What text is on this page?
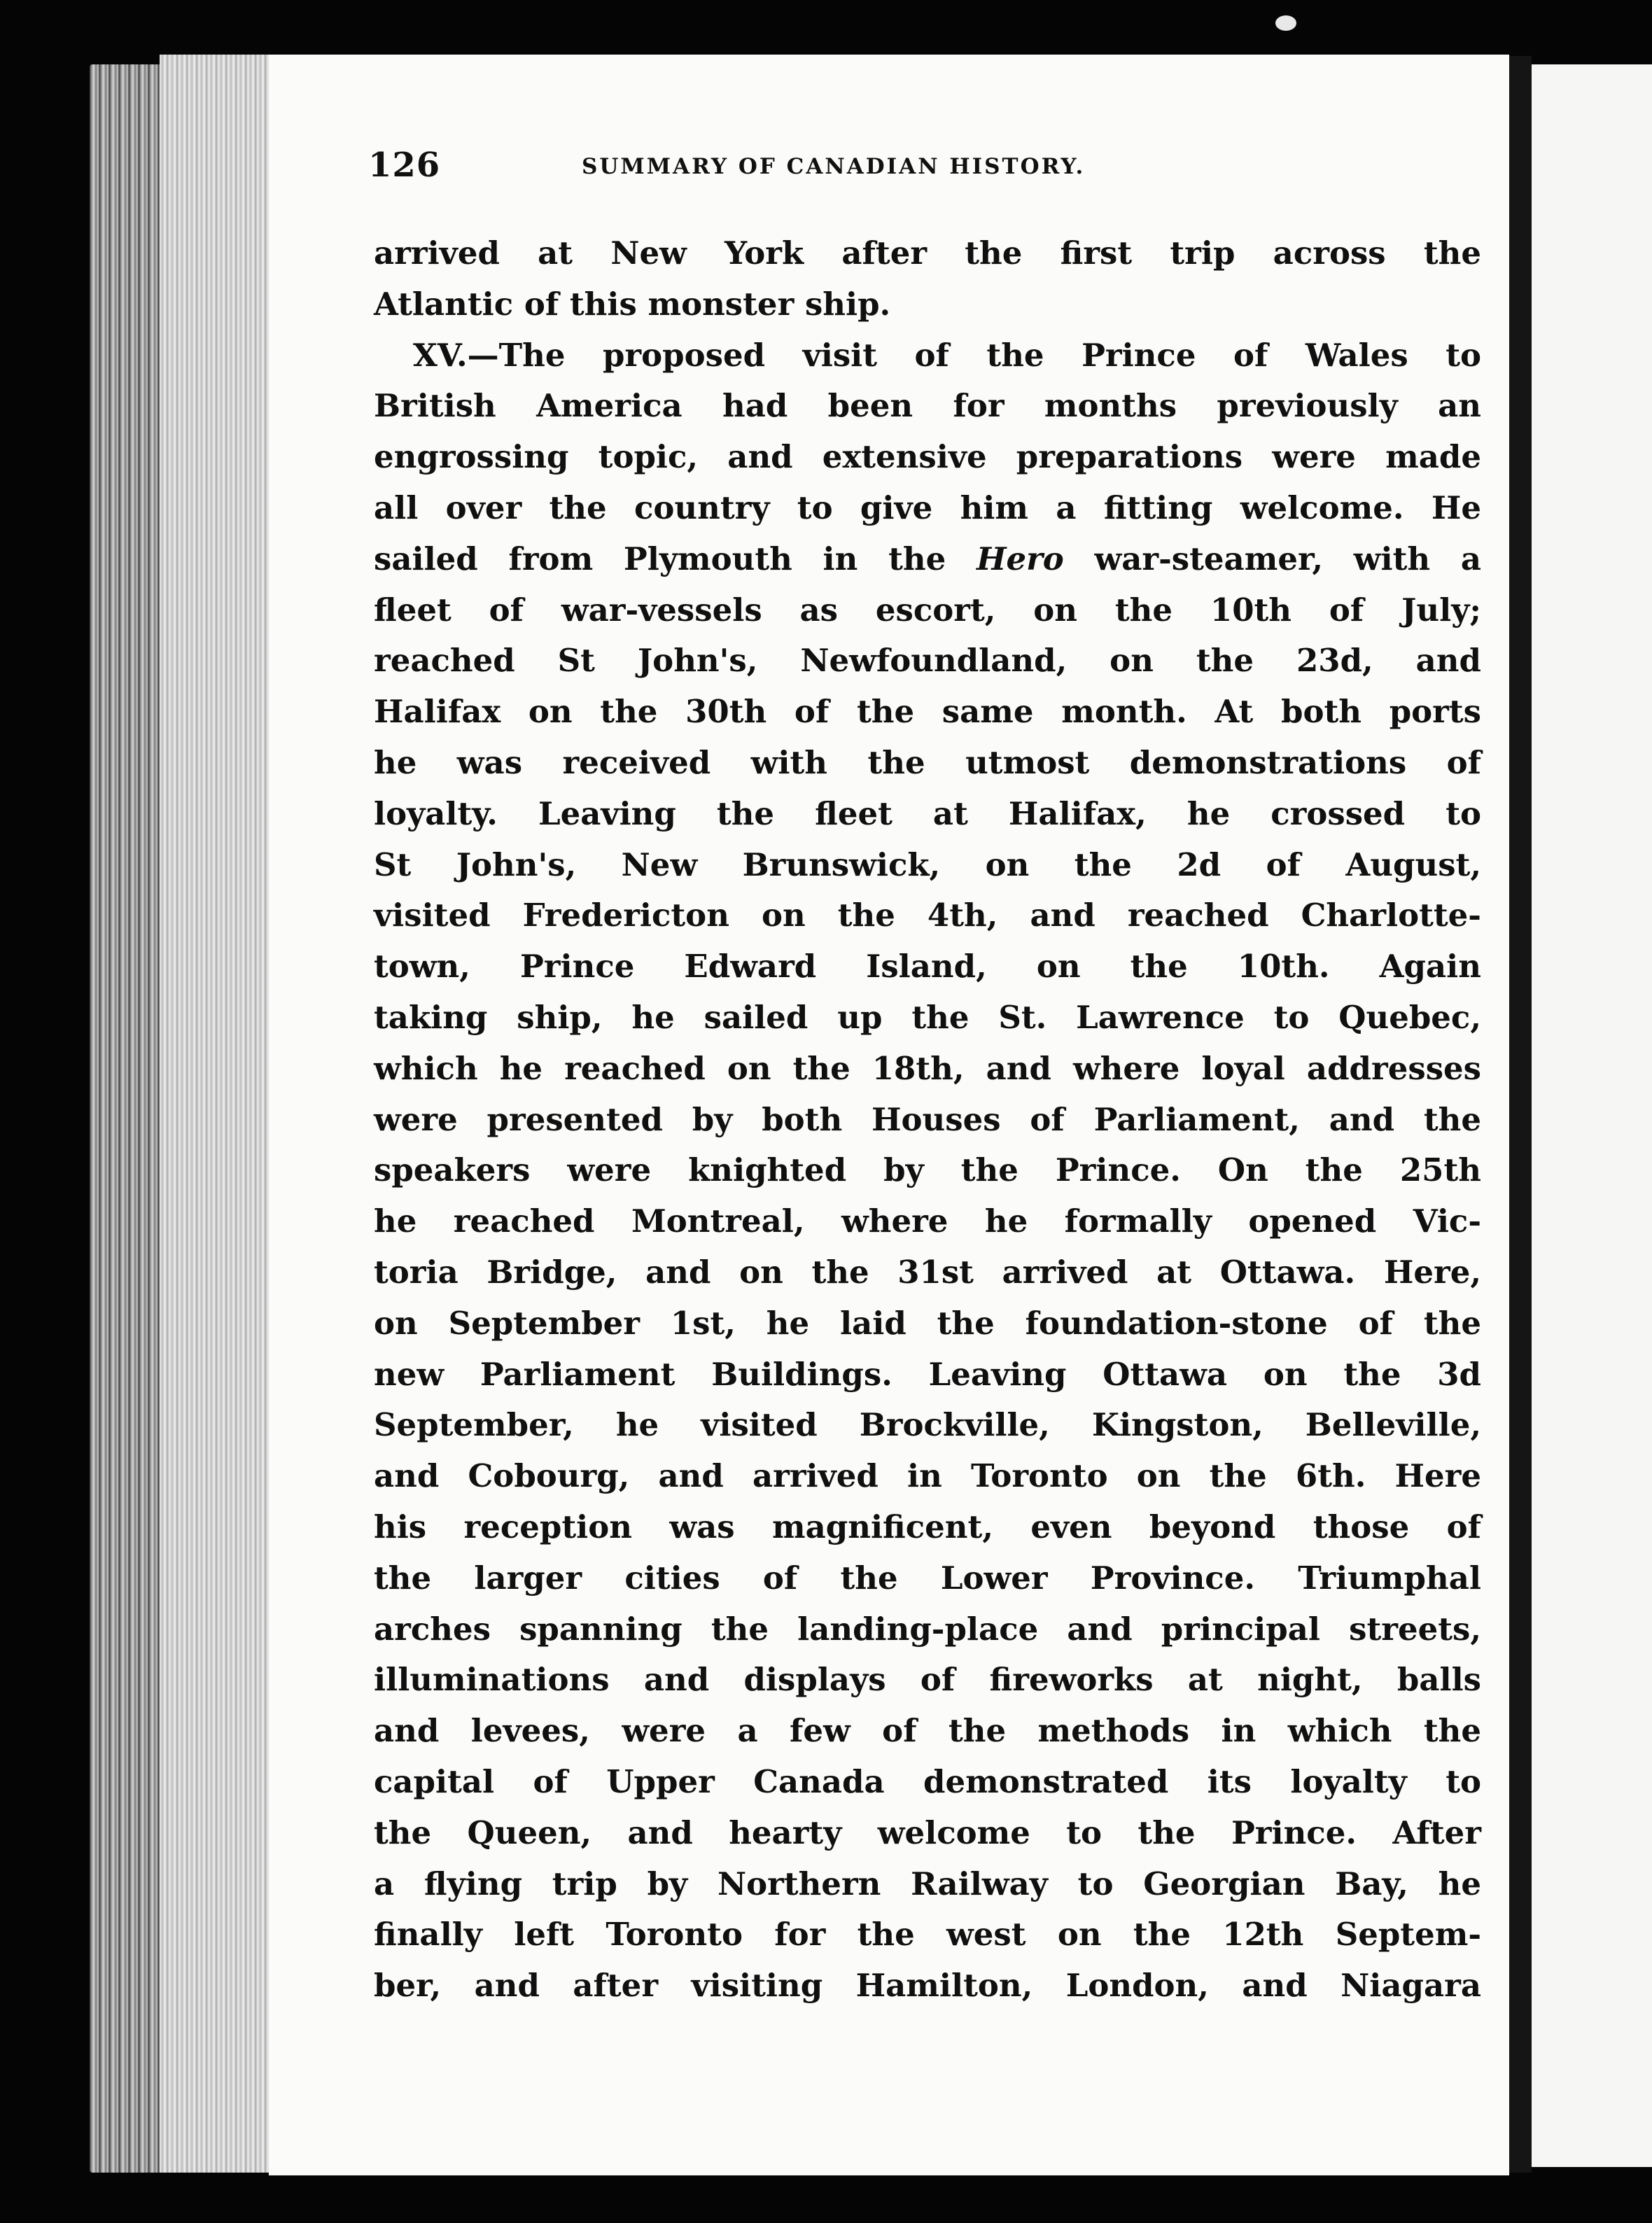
126	SUMMARY OF CANADIAN HISTORY.
arrived at New York after the first trip across the
Atlantic of this monster ship.
XV.—The proposed visit of the Prince of Wales to
British America had been for months previously an
engrossing topic, and extensive preparations were made
all over the country to give him a fitting welcome. He
sailed from Plymouth in the Hero war-steamer, with a
fleet of war-vessels as escort, on the 10th of July;
reached St John's, Newfoundland, on the 23d, and
Halifax on the 30th of the same month. At both ports
he was received with the utmost demonstrations of
loyalty. Leaving the fleet at Halifax, he crossed to
St John's, New Brunswick, on the 2d of August,
visited Fredericton on the 4th, and reached Charlotte-
town, Prince Edward Island, on the 10th. Again
taking ship, he sailed up the St. Lawrence to Quebec,
which he reached on the 18th, and where loyal addresses
were presented by both Houses of Parliament, and the
speakers were knighted by the Prince. On the 25th
he reached Montreal, where he formally opened Vic-
toria Bridge, and on the 31st arrived at Ottawa. Here,
on September 1st, he laid the foundation-stone of the
new Parliament Buildings. Leaving Ottawa on the 3d
September, he visited Brockville, Kingston, Belleville,
and Cobourg, and arrived in Toronto on the 6th. Here
his reception was magnificent, even beyond those of
the larger cities of the Lower Province. Triumphal
arches spanning the landing-place and principal streets,
illuminations and displays of fireworks at night, balls
and levees, were a few of the methods in which the
capital of Upper Canada demonstrated its loyalty to
the Queen, and hearty welcome to the Prince. After
a flying trip by Northern Railway to Georgian Bay, he
finally left Toronto for the west on the 12th Septem-
ber, and after visiting Hamilton, London, and Niagara
